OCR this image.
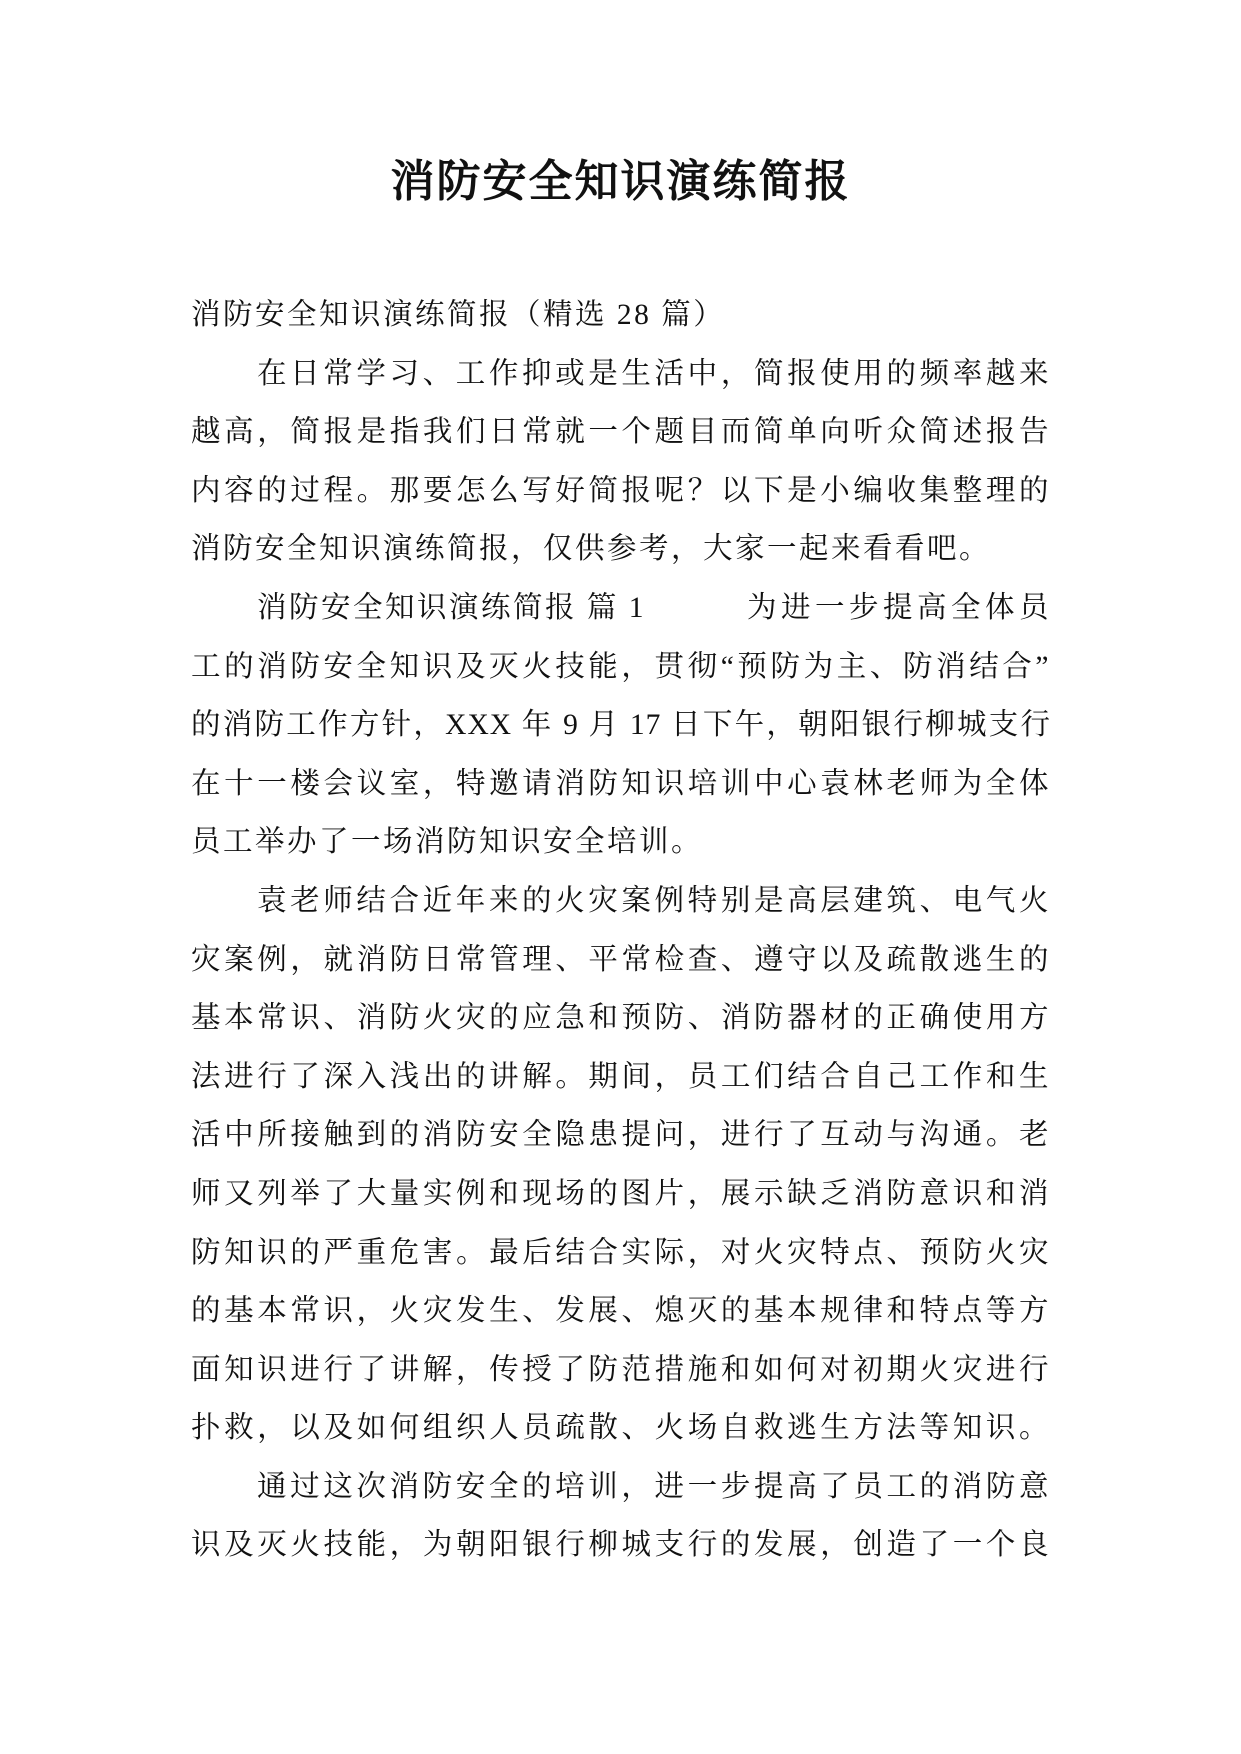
消防安全知识演练简报
消防安全知识演练简报（精选 28 篇）
在日常学习、工作抑或是生活中，简报使用的频率越来
越高，简报是指我们日常就一个题目而简单向听众简述报告
内容的过程。那要怎么写好简报呢？以下是小编收集整理的
消防安全知识演练简报，仅供参考，大家一起来看看吧。
消防安全知识演练简报 篇 1	为进一步提高全体员
工的消防安全知识及灭火技能，贯彻“预防为主、防消结合”
的消防工作方针，XXX 年 9 月 17 日下午，朝阳银行柳城支行
在十一楼会议室，特邀请消防知识培训中心袁林老师为全体
员工举办了一场消防知识安全培训。
袁老师结合近年来的火灾案例特别是高层建筑、电气火
灾案例，就消防日常管理、平常检查、遵守以及疏散逃生的
基本常识、消防火灾的应急和预防、消防器材的正确使用方
法进行了深入浅出的讲解。期间，员工们结合自己工作和生
活中所接触到的消防安全隐患提问，进行了互动与沟通。老
师又列举了大量实例和现场的图片，展示缺乏消防意识和消
防知识的严重危害。最后结合实际，对火灾特点、预防火灾
的基本常识，火灾发生、发展、熄灭的基本规律和特点等方
面知识进行了讲解，传授了防范措施和如何对初期火灾进行
扑救，以及如何组织人员疏散、火场自救逃生方法等知识。
通过这次消防安全的培训，进一步提高了员工的消防意
识及灭火技能，为朝阳银行柳城支行的发展，创造了一个良
